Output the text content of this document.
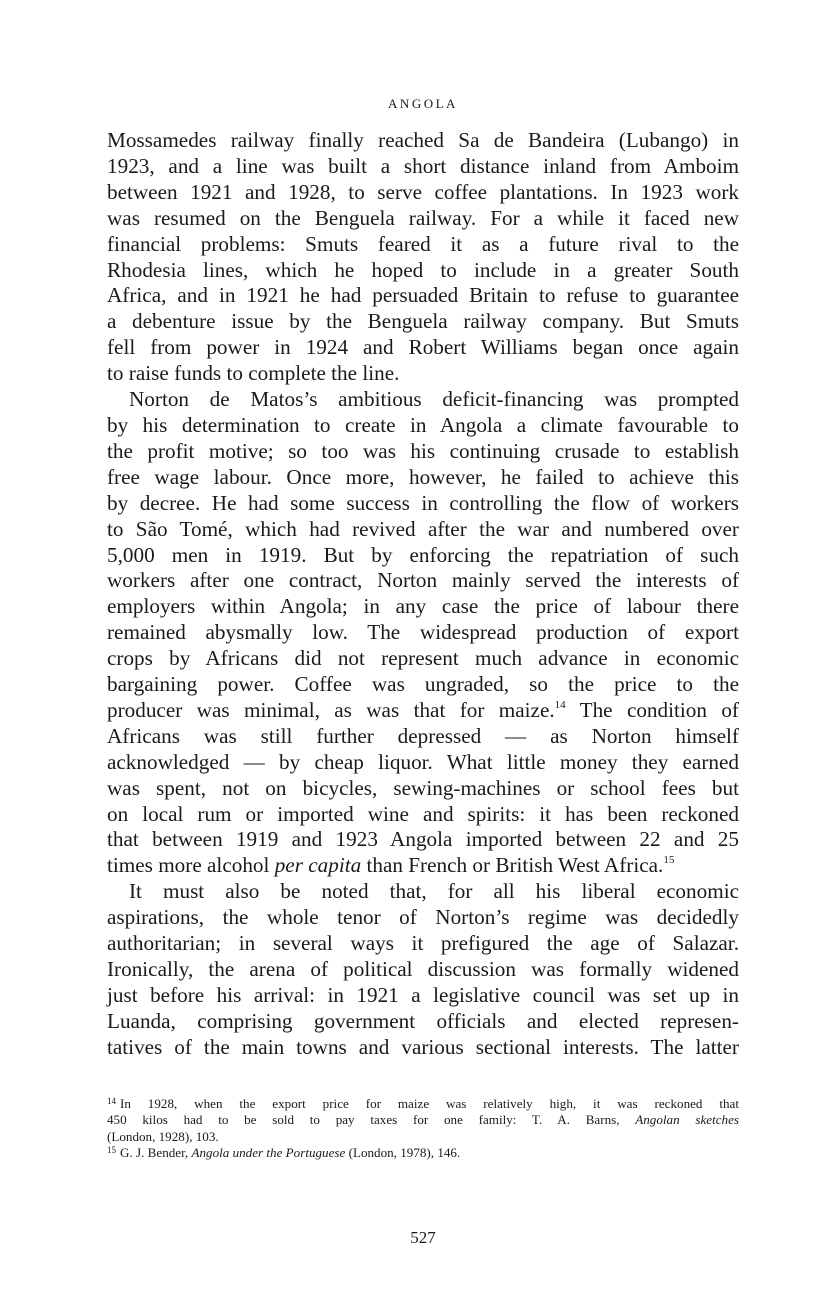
ANGOLA
Mossamedes railway finally reached Sa de Bandeira (Lubango) in
1923, and a line was built a short distance inland from Amboim
between 1921 and 1928, to serve coffee plantations. In 1923 work
was resumed on the Benguela railway. For a while it faced new
financial problems: Smuts feared it as a future rival to the
Rhodesia lines, which he hoped to include in a greater South
Africa, and in 1921 he had persuaded Britain to refuse to guarantee
a debenture issue by the Benguela railway company. But Smuts
fell from power in 1924 and Robert Williams began once again
to raise funds to complete the line.
Norton de Matos’s ambitious deficit-financing was prompted
by his determination to create in Angola a climate favourable to
the profit motive; so too was his continuing crusade to establish
free wage labour. Once more, however, he failed to achieve this
by decree. He had some success in controlling the flow of workers
to São Tomé, which had revived after the war and numbered over
5,000 men in 1919. But by enforcing the repatriation of such
workers after one contract, Norton mainly served the interests of
employers within Angola; in any case the price of labour there
remained abysmally low. The widespread production of export
crops by Africans did not represent much advance in economic
bargaining power. Coffee was ungraded, so the price to the
producer was minimal, as was that for maize.$^{14}$ The condition of
Africans was still further depressed — as Norton himself
acknowledged — by cheap liquor. What little money they earned
was spent, not on bicycles, sewing-machines or school fees but
on local rum or imported wine and spirits: it has been reckoned
that between 1919 and 1923 Angola imported between 22 and 25
times more alcohol per capita than French or British West Africa.$^{15}$
It must also be noted that, for all his liberal economic
aspirations, the whole tenor of Norton’s regime was decidedly
authoritarian; in several ways it prefigured the age of Salazar.
Ironically, the arena of political discussion was formally widened
just before his arrival: in 1921 a legislative council was set up in
Luanda, comprising government officials and elected represen-
tatives of the main towns and various sectional interests. The latter
$^{14}$ In 1928, when the export price for maize was relatively high, it was reckoned that
450 kilos had to be sold to pay taxes for one family: T. A. Barns, Angolan sketches
(London, 1928), 103.
$^{15}$ G. J. Bender, Angola under the Portuguese (London, 1978), 146.
527
